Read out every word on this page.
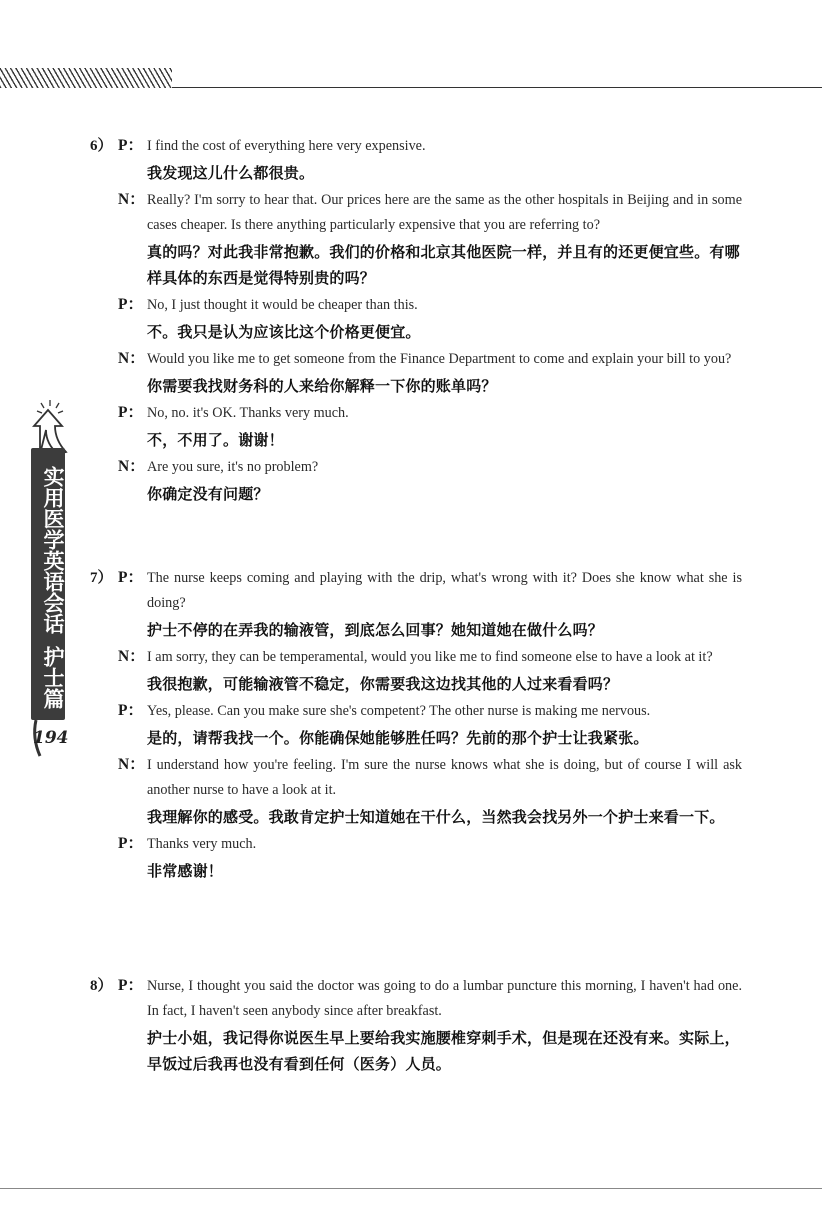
实用医学英语会话护士篇
194
6） P： I find the cost of everything here very expensive.
我发现这儿什么都很贵。
N： Really? I'm sorry to hear that. Our prices here are the same as the other hospitals in Beijing and in some cases cheaper. Is there anything particularly expensive that you are referring to?
真的吗？对此我非常抱歉。我们的价格和北京其他医院一样，并且有的还更便宜些。有哪样具体的东西是觉得特别贵的吗？
P： No, I just thought it would be cheaper than this.
不。我只是认为应该比这个价格更便宜。
N： Would you like me to get someone from the Finance Department to come and explain your bill to you?
你需要我找财务科的人来给你解释一下你的账单吗？
P： No, no. it's OK. Thanks very much.
不，不用了。谢谢！
N： Are you sure, it's no problem?
你确定没有问题？
7） P： The nurse keeps coming and playing with the drip, what's wrong with it? Does she know what she is doing?
护士不停的在弄我的输液管，到底怎么回事？她知道她在做什么吗？
N： I am sorry, they can be temperamental, would you like me to find someone else to have a look at it?
我很抱歉，可能输液管不稳定，你需要我这边找其他的人过来看看吗？
P： Yes, please. Can you make sure she's competent? The other nurse is making me nervous.
是的，请帮我找一个。你能确保她能够胜任吗？先前的那个护士让我紧张。
N： I understand how you're feeling. I'm sure the nurse knows what she is doing, but of course I will ask another nurse to have a look at it.
我理解你的感受。我敢肯定护士知道她在干什么，当然我会找另外一个护士来看一下。
P： Thanks very much.
非常感谢！
8） P： Nurse, I thought you said the doctor was going to do a lumbar puncture this morning, I haven't had one. In fact, I haven't seen anybody since after breakfast.
护士小姐，我记得你说医生早上要给我实施腰椎穿刺手术，但是现在还没有来。实际上，早饭过后我再也没有看到任何（医务）人员。
